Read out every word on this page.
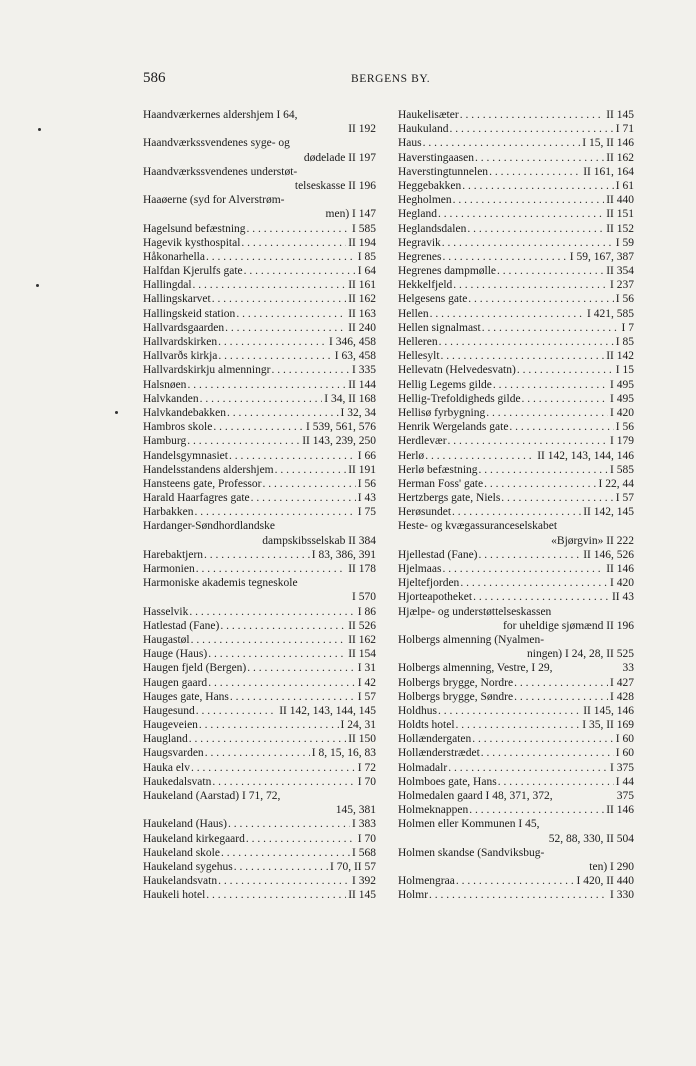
586	BERGENS BY.
Haandværkernes aldershjem I 64,
II 192
Haandværkssvendenes syge- og
dødelade II 197
Haandværkssvendenes understøt-
telseskasse II 196
Haaøerne (syd for Alverstrøm-
men) I 147
Hagelsund befæstning . . .	I 585
Hagevik kysthospital . . .	II 194
Håkonarhella . . .	I 85
Halfdan Kjerulfs gate . . .	I 64
Hallingdal . . .	II 161
Hallingskarvet . . .	II 162
Hallingskeid station . . .	II 163
Hallvardsgaarden . . .	II 240
Hallvardskirken . . .	I 346, 458
Hallvarðs kirkja . . .	I 63, 458
Hallvardskirkju almenningr . . .	I 335
Halsnøen . . .	II 144
Halvkanden . . .	I 34, II 168
Halvkandebakken . . .	I 32, 34
Hambros skole . . .	I 539, 561, 576
Hamburg . . .	II 143, 239, 250
Handelsgymnasiet . . .	I 66
Handelsstandens aldershjem . . .	II 191
Hansteens gate, Professor . . .	I 56
Harald Haarfagres gate . . .	I 43
Harbakken . . .	I 75
Hardanger-Søndhordlandske
dampskibsselskab II 384
Harebaktjern . . .	I 83, 386, 391
Harmonien . . .	II 178
Harmoniske akademis tegneskole
I 570
Hasselvik . . .	I 86
Hatlestad (Fane) . . .	II 526
Haugastøl . . .	II 162
Hauge (Haus) . . .	II 154
Haugen fjeld (Bergen) . . .	I 31
Haugen gaard . . .	I 42
Hauges gate, Hans . . .	I 57
Haugesund . . .	II 142, 143, 144, 145
Haugeveien . . .	I 24, 31
Haugland . . .	II 150
Haugsvarden . . .	I 8, 15, 16, 83
Hauka elv . . .	I 72
Haukedalsvatn . . .	I 70
Haukeland (Aarstad) I 71, 72,
145, 381
Haukeland (Haus) . . .	I 383
Haukeland kirkegaard . . .	I 70
Haukeland skole . . .	I 568
Haukeland sygehus . . .	I 70, II 57
Haukelandsvatn . . .	I 392
Haukeli hotel . . .	II 145
Haukelisæter . . .	II 145
Haukuland . . .	I 71
Haus . . .	I 15, II 146
Haverstingaasen . . .	II 162
Haverstingtunnelen . . .	II 161, 164
Heggebakken . . .	I 61
Hegholmen . . .	II 440
Hegland . . .	II 151
Heglandsdalen . . .	II 152
Hegravik . . .	I 59
Hegrenes . . .	I 59, 167, 387
Hegrenes dampmølle . . .	II 354
Hekkelfjeld . . .	I 237
Helgesens gate . . .	I 56
Hellen . . .	I 421, 585
Hellen signalmast . . .	I 7
Helleren . . .	I 85
Hellesylt . . .	II 142
Hellevatn (Helvedesvatn) . . .	I 15
Hellig Legems gilde . . .	I 495
Hellig-Trefoldigheds gilde . . .	I 495
Hellisø fyrbygning . . .	I 420
Henrik Wergelands gate . . .	I 56
Herdlevær . . .	I 179
Herlø . . .	II 142, 143, 144, 146
Herlø befæstning . . .	I 585
Herman Foss' gate . . .	I 22, 44
Hertzbergs gate, Niels . . .	I 57
Herøsundet . . .	II 142, 145
Heste- og kvægassuranceselskabet
«Bjørgvin» II 222
Hjellestad (Fane) . . .	II 146, 526
Hjelmaas . . .	II 146
Hjeltefjorden . . .	I 420
Hjorteapotheket . . .	II 43
Hjælpe- og understøttelseskassen
for uheldige sjømænd II 196
Holbergs almenning (Nyalmen-
ningen) I 24, 28, II 525
Holbergs almenning, Vestre, I 29,	33
Holbergs brygge, Nordre . . .	I 427
Holbergs brygge, Søndre . . .	I 428
Holdhus . . .	II 145, 146
Holdts hotel . . .	I 35, II 169
Hollændergaten . . .	I 60
Hollænderstrædet . . .	I 60
Holmadalr . . .	I 375
Holmboes gate, Hans . . .	I 44
Holmedalen gaard I 48, 371, 372,	375
Holmeknappen . . .	II 146
Holmen eller Kommunen I 45,
52, 88, 330, II 504
Holmen skandse (Sandviksbug-
ten) I 290
Holmengraa . . .	I 420, II 440
Holmr . . .	I 330
